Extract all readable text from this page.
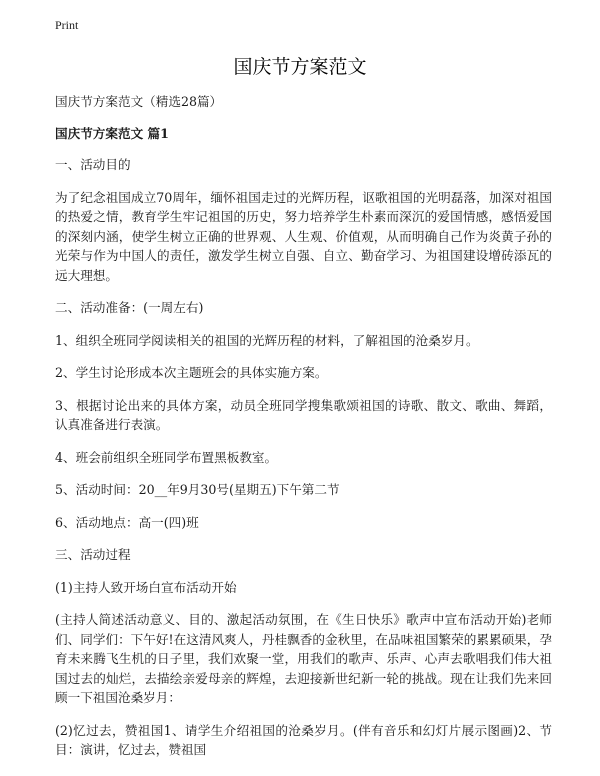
Print
国庆节方案范文

国庆节方案范文（精选28篇）

国庆节方案范文 篇1

一、活动目的

为了纪念祖国成立70周年，缅怀祖国走过的光辉历程，讴歌祖国的光明磊落，加深对祖国的热爱之情，教育学生牢记祖国的历史，努力培养学生朴素而深沉的爱国情感，感悟爱国的深刻内涵，使学生树立正确的世界观、人生观、价值观，从而明确自己作为炎黄子孙的光荣与作为中国人的责任，激发学生树立自强、自立、勤奋学习、为祖国建设增砖添瓦的远大理想。

二、活动准备：(一周左右)

1、组织全班同学阅读相关的祖国的光辉历程的材料，了解祖国的沧桑岁月。

2、学生讨论形成本次主题班会的具体实施方案。

3、根据讨论出来的具体方案，动员全班同学搜集歌颂祖国的诗歌、散文、歌曲、舞蹈，认真准备进行表演。

4、班会前组织全班同学布置黑板教室。

5、活动时间：20__年9月30号(星期五)下午第二节

6、活动地点：高一(四)班

三、活动过程

(1)主持人致开场白宣布活动开始

(主持人简述活动意义、目的、激起活动氛围，在《生日快乐》歌声中宣布活动开始)老师们、同学们：下午好!在这清风爽人，丹桂飘香的金秋里，在品味祖国繁荣的累累硕果，孕育未来腾飞生机的日子里，我们欢聚一堂，用我们的歌声、乐声、心声去歌唱我们伟大祖国过去的灿烂，去描绘亲爱母亲的辉煌，去迎接新世纪新一轮的挑战。现在让我们先来回顾一下祖国沧桑岁月：

(2)忆过去，赞祖国1、请学生介绍祖国的沧桑岁月。(伴有音乐和幻灯片展示图画)2、节目：演讲，忆过去，赞祖国
